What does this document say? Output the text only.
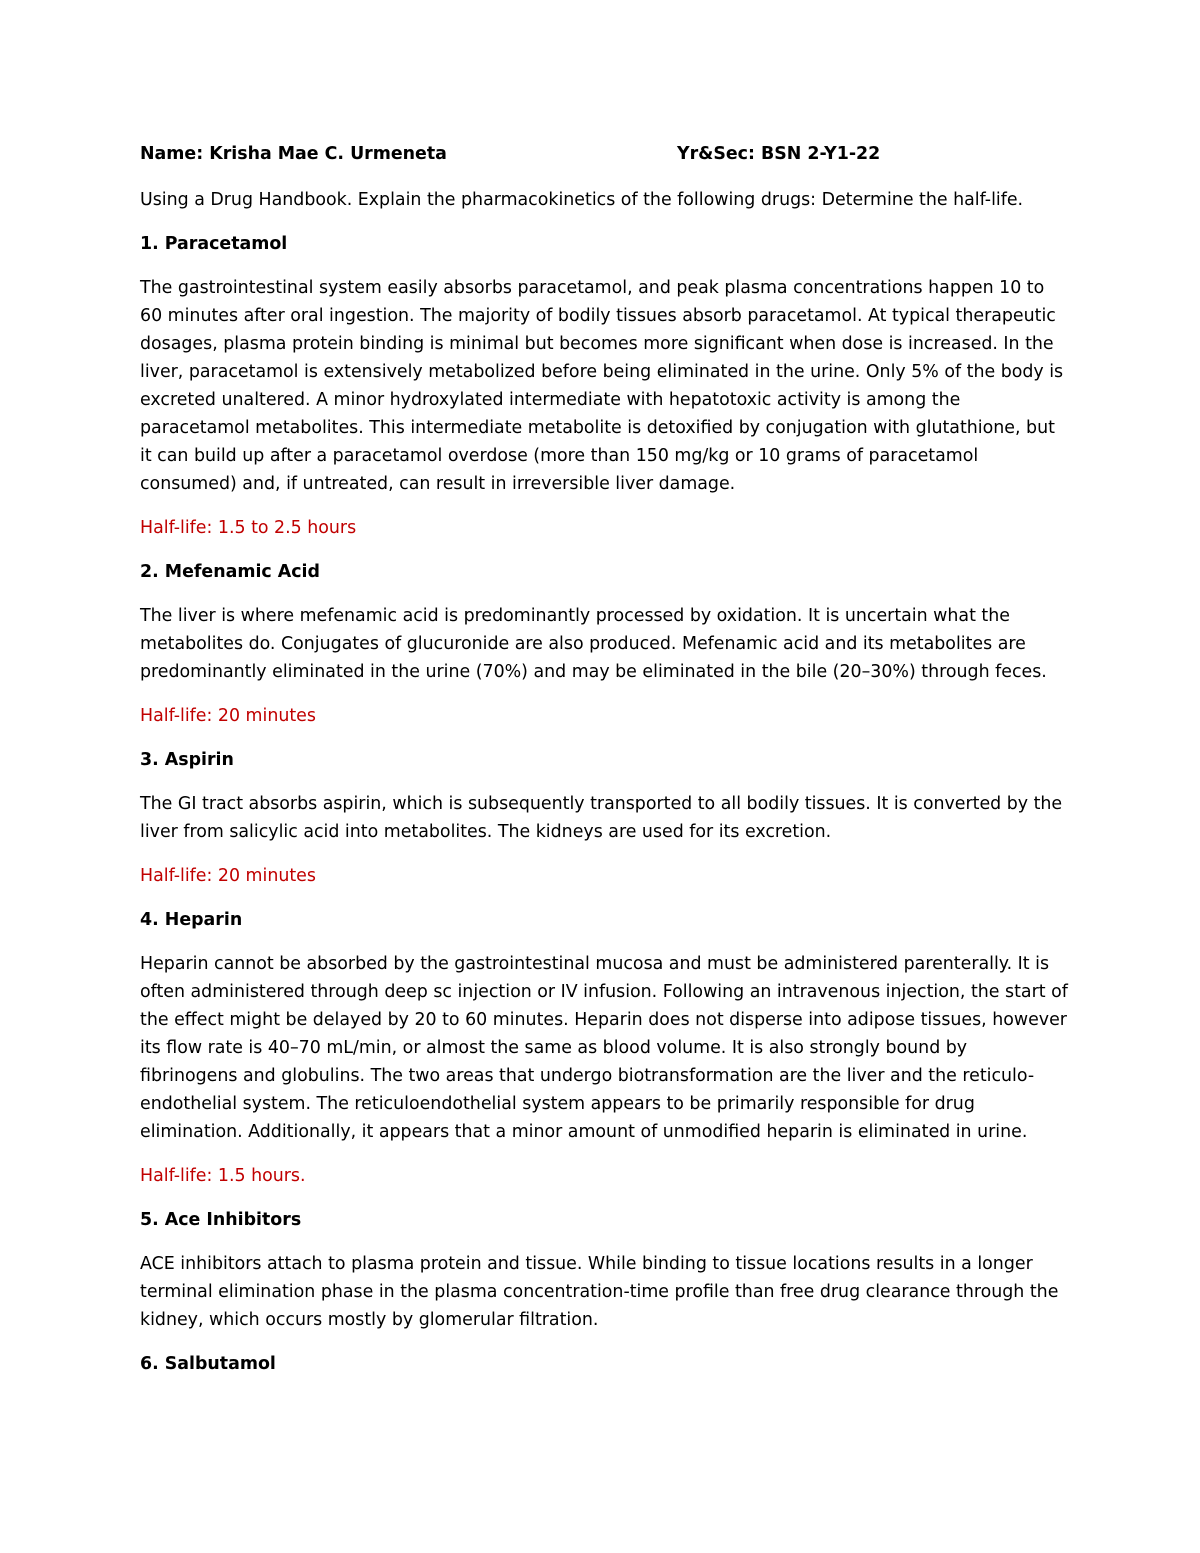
Name: Krisha Mae C. Urmeneta	Yr&Sec: BSN 2-Y1-22

Using a Drug Handbook. Explain the pharmacokinetics of the following drugs: Determine the half-life.

1. Paracetamol

The gastrointestinal system easily absorbs paracetamol, and peak plasma concentrations happen 10 to 60 minutes after oral ingestion. The majority of bodily tissues absorb paracetamol. At typical therapeutic dosages, plasma protein binding is minimal but becomes more significant when dose is increased. In the liver, paracetamol is extensively metabolized before being eliminated in the urine. Only 5% of the body is excreted unaltered. A minor hydroxylated intermediate with hepatotoxic activity is among the paracetamol metabolites. This intermediate metabolite is detoxified by conjugation with glutathione, but it can build up after a paracetamol overdose (more than 150 mg/kg or 10 grams of paracetamol consumed) and, if untreated, can result in irreversible liver damage.

Half-life: 1.5 to 2.5 hours

2. Mefenamic Acid

The liver is where mefenamic acid is predominantly processed by oxidation. It is uncertain what the metabolites do. Conjugates of glucuronide are also produced. Mefenamic acid and its metabolites are predominantly eliminated in the urine (70%) and may be eliminated in the bile (20–30%) through feces.

Half-life: 20 minutes

3. Aspirin

The GI tract absorbs aspirin, which is subsequently transported to all bodily tissues. It is converted by the liver from salicylic acid into metabolites. The kidneys are used for its excretion.

Half-life: 20 minutes

4. Heparin

Heparin cannot be absorbed by the gastrointestinal mucosa and must be administered parenterally. It is often administered through deep sc injection or IV infusion. Following an intravenous injection, the start of the effect might be delayed by 20 to 60 minutes. Heparin does not disperse into adipose tissues, however its flow rate is 40–70 mL/min, or almost the same as blood volume. It is also strongly bound by fibrinogens and globulins. The two areas that undergo biotransformation are the liver and the reticulo-endothelial system. The reticuloendothelial system appears to be primarily responsible for drug elimination. Additionally, it appears that a minor amount of unmodified heparin is eliminated in urine.

Half-life: 1.5 hours.

5. Ace Inhibitors

ACE inhibitors attach to plasma protein and tissue. While binding to tissue locations results in a longer terminal elimination phase in the plasma concentration-time profile than free drug clearance through the kidney, which occurs mostly by glomerular filtration.

6. Salbutamol
